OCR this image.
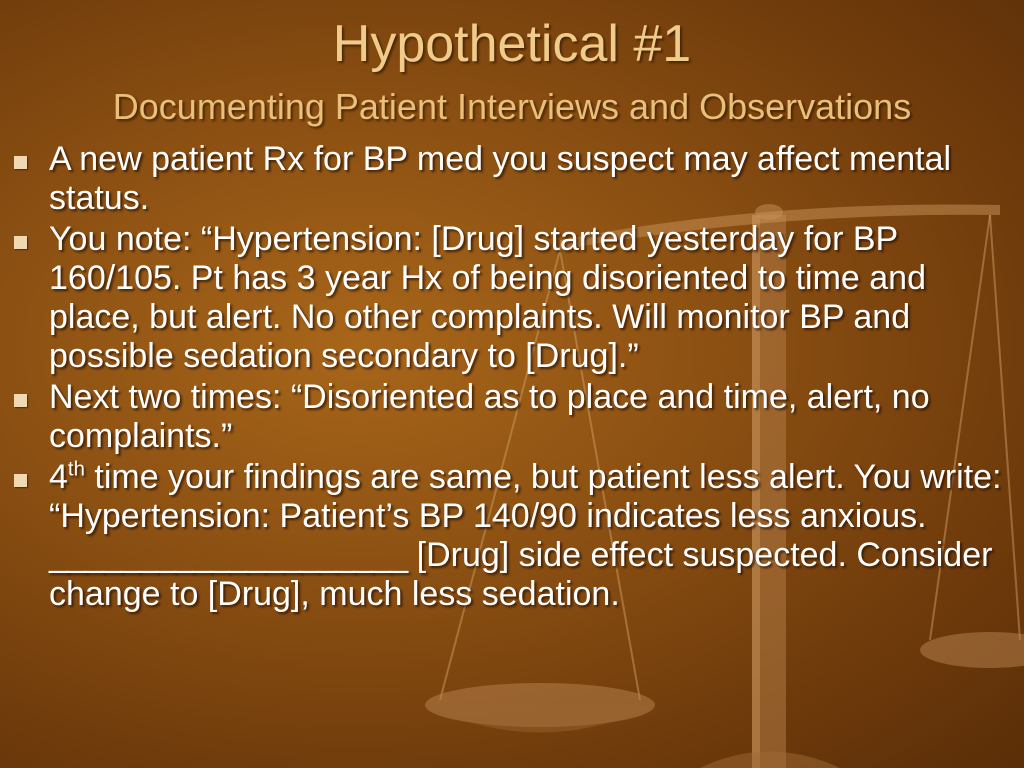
Hypothetical #1
Documenting Patient Interviews and Observations
A new patient Rx for BP med you suspect may affect mental status.
You note: “Hypertension: [Drug] started yesterday for BP 160/105. Pt has 3 year Hx of being disoriented to time and place, but alert. No other complaints. Will monitor BP and possible sedation secondary to [Drug].”
Next two times: “Disoriented as to place and time, alert, no complaints.”
4th time your findings are same, but patient less alert. You write: “Hypertension: Patient’s BP 140/90 indicates less anxious. ____________________ [Drug] side effect suspected. Consider change to [Drug], much less sedation.
